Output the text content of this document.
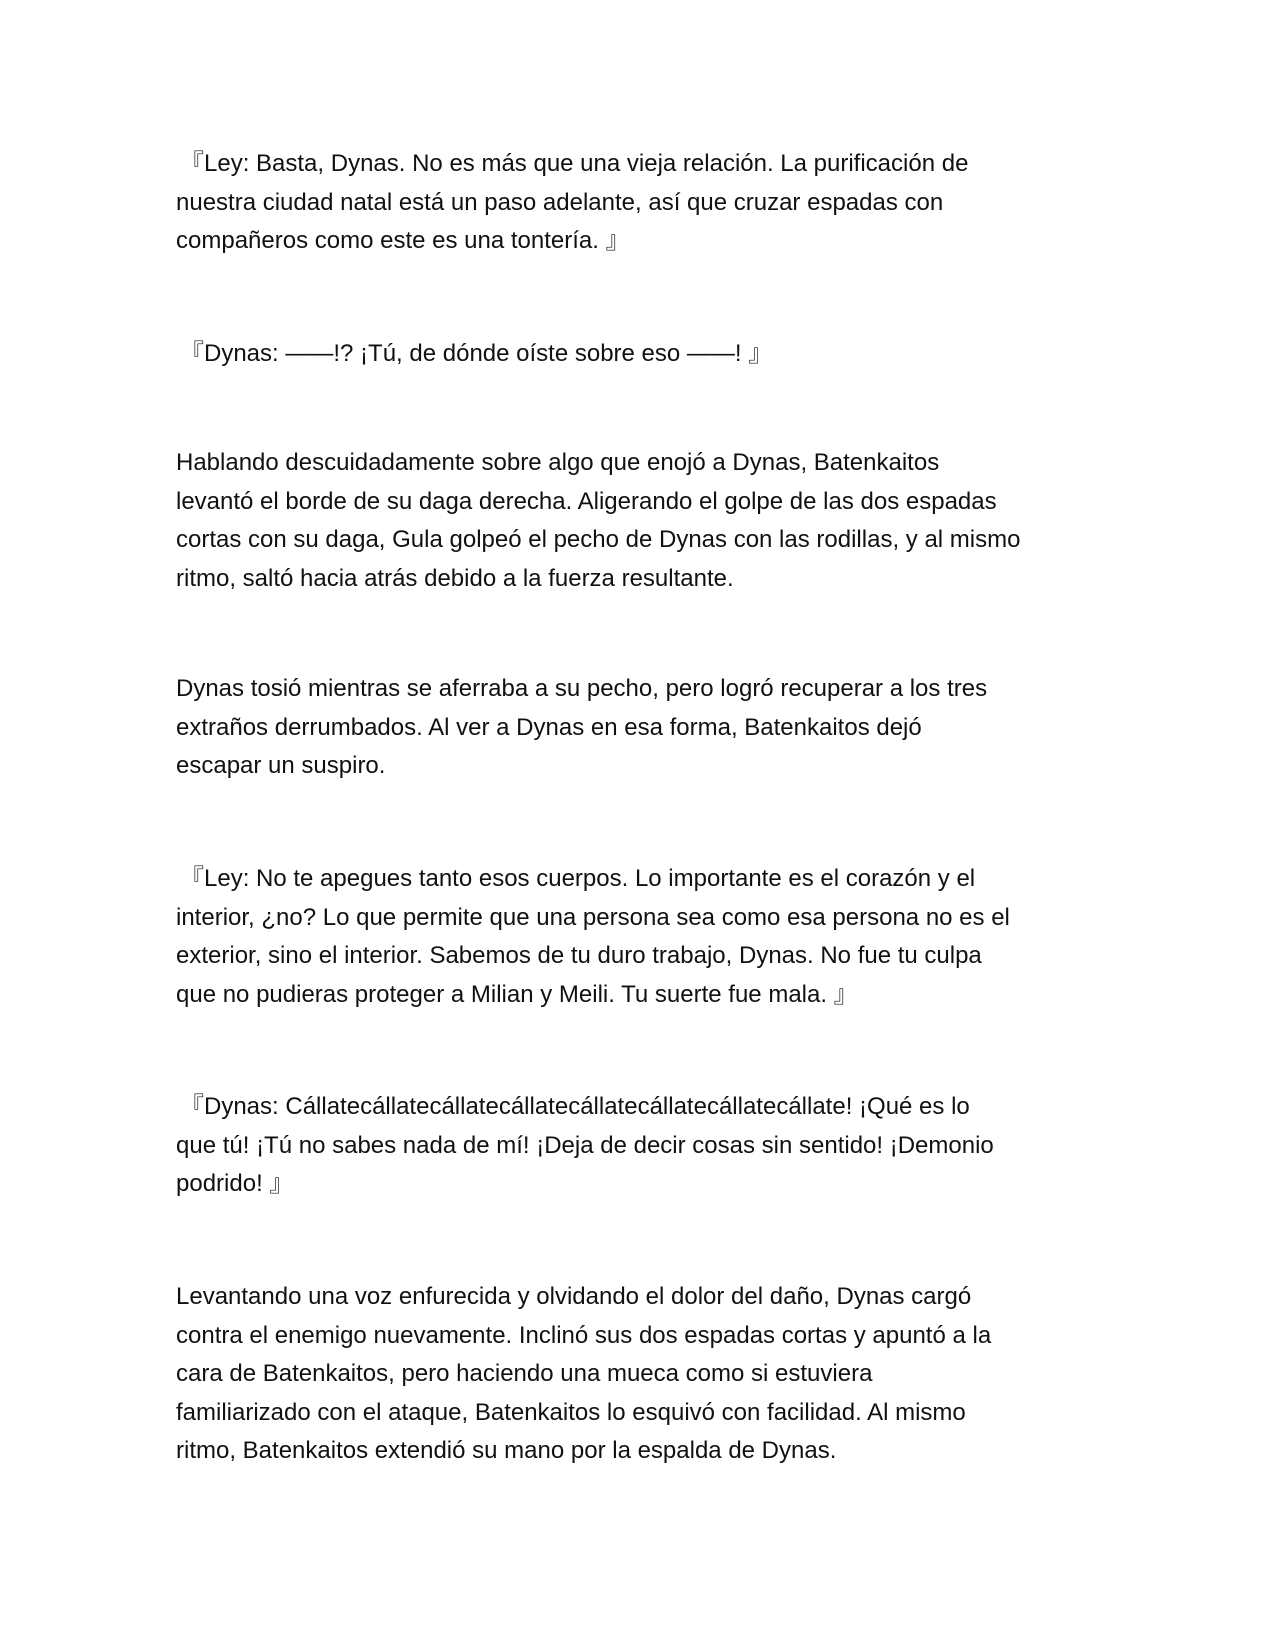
『Ley: Basta, Dynas. No es más que una vieja relación. La purificación de
nuestra ciudad natal está un paso adelante, así que cruzar espadas con
compañeros como este es una tontería. 』

『Dynas: ——!? ¡Tú, de dónde oíste sobre eso ——! 』

Hablando descuidadamente sobre algo que enojó a Dynas, Batenkaitos
levantó el borde de su daga derecha. Aligerando el golpe de las dos espadas
cortas con su daga, Gula golpeó el pecho de Dynas con las rodillas, y al mismo
ritmo, saltó hacia atrás debido a la fuerza resultante.

Dynas tosió mientras se aferraba a su pecho, pero logró recuperar a los tres
extraños derrumbados. Al ver a Dynas en esa forma, Batenkaitos dejó
escapar un suspiro.

『Ley: No te apegues tanto esos cuerpos. Lo importante es el corazón y el
interior, ¿no? Lo que permite que una persona sea como esa persona no es el
exterior, sino el interior. Sabemos de tu duro trabajo, Dynas. No fue tu culpa
que no pudieras proteger a Milian y Meili. Tu suerte fue mala. 』

『Dynas: Cállatecállatecállatecállatecállatecállatecállatecállate! ¡Qué es lo
que tú! ¡Tú no sabes nada de mí! ¡Deja de decir cosas sin sentido! ¡Demonio
podrido! 』

Levantando una voz enfurecida y olvidando el dolor del daño, Dynas cargó
contra el enemigo nuevamente. Inclinó sus dos espadas cortas y apuntó a la
cara de Batenkaitos, pero haciendo una mueca como si estuviera
familiarizado con el ataque, Batenkaitos lo esquivó con facilidad. Al mismo
ritmo, Batenkaitos extendió su mano por la espalda de Dynas.
